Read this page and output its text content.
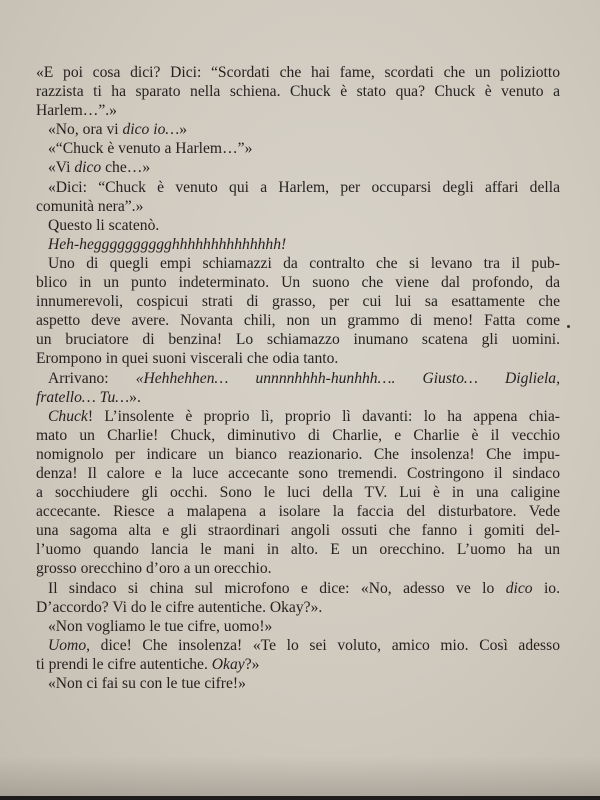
«E poi cosa dici? Dici: “Scordati che hai fame, scordati che un poliziotto
razzista ti ha sparato nella schiena. Chuck è stato qua? Chuck è venuto a
Harlem…”.»
«No, ora vi dico io…»
«“Chuck è venuto a Harlem…”»
«Vi dico che…»
«Dici: “Chuck è venuto qui a Harlem, per occuparsi degli affari della
comunità nera”.»
Questo li scatenò.
Heh-hegggggggggghhhhhhhhhhhhhh!
Uno di quegli empi schiamazzi da contralto che si levano tra il pub-
blico in un punto indeterminato. Un suono che viene dal profondo, da
innumerevoli, cospicui strati di grasso, per cui lui sa esattamente che
aspetto deve avere. Novanta chili, non un grammo di meno! Fatta come
un bruciatore di benzina! Lo schiamazzo inumano scatena gli uomini.
Erompono in quei suoni viscerali che odia tanto.
Arrivano: «Hehhehhen… unnnnhhhh-hunhhh…. Giusto… Digliela,
fratello… Tu…».
Chuck! L’insolente è proprio lì, proprio lì davanti: lo ha appena chia-
mato un Charlie! Chuck, diminutivo di Charlie, e Charlie è il vecchio
nomignolo per indicare un bianco reazionario. Che insolenza! Che impu-
denza! Il calore e la luce accecante sono tremendi. Costringono il sindaco
a socchiudere gli occhi. Sono le luci della TV. Lui è in una caligine
accecante. Riesce a malapena a isolare la faccia del disturbatore. Vede
una sagoma alta e gli straordinari angoli ossuti che fanno i gomiti del-
l’uomo quando lancia le mani in alto. E un orecchino. L’uomo ha un
grosso orecchino d’oro a un orecchio.
Il sindaco si china sul microfono e dice: «No, adesso ve lo dico io.
D’accordo? Vi do le cifre autentiche. Okay?».
«Non vogliamo le tue cifre, uomo!»
Uomo, dice! Che insolenza! «Te lo sei voluto, amico mio. Così adesso
ti prendi le cifre autentiche. Okay?»
«Non ci fai su con le tue cifre!»
